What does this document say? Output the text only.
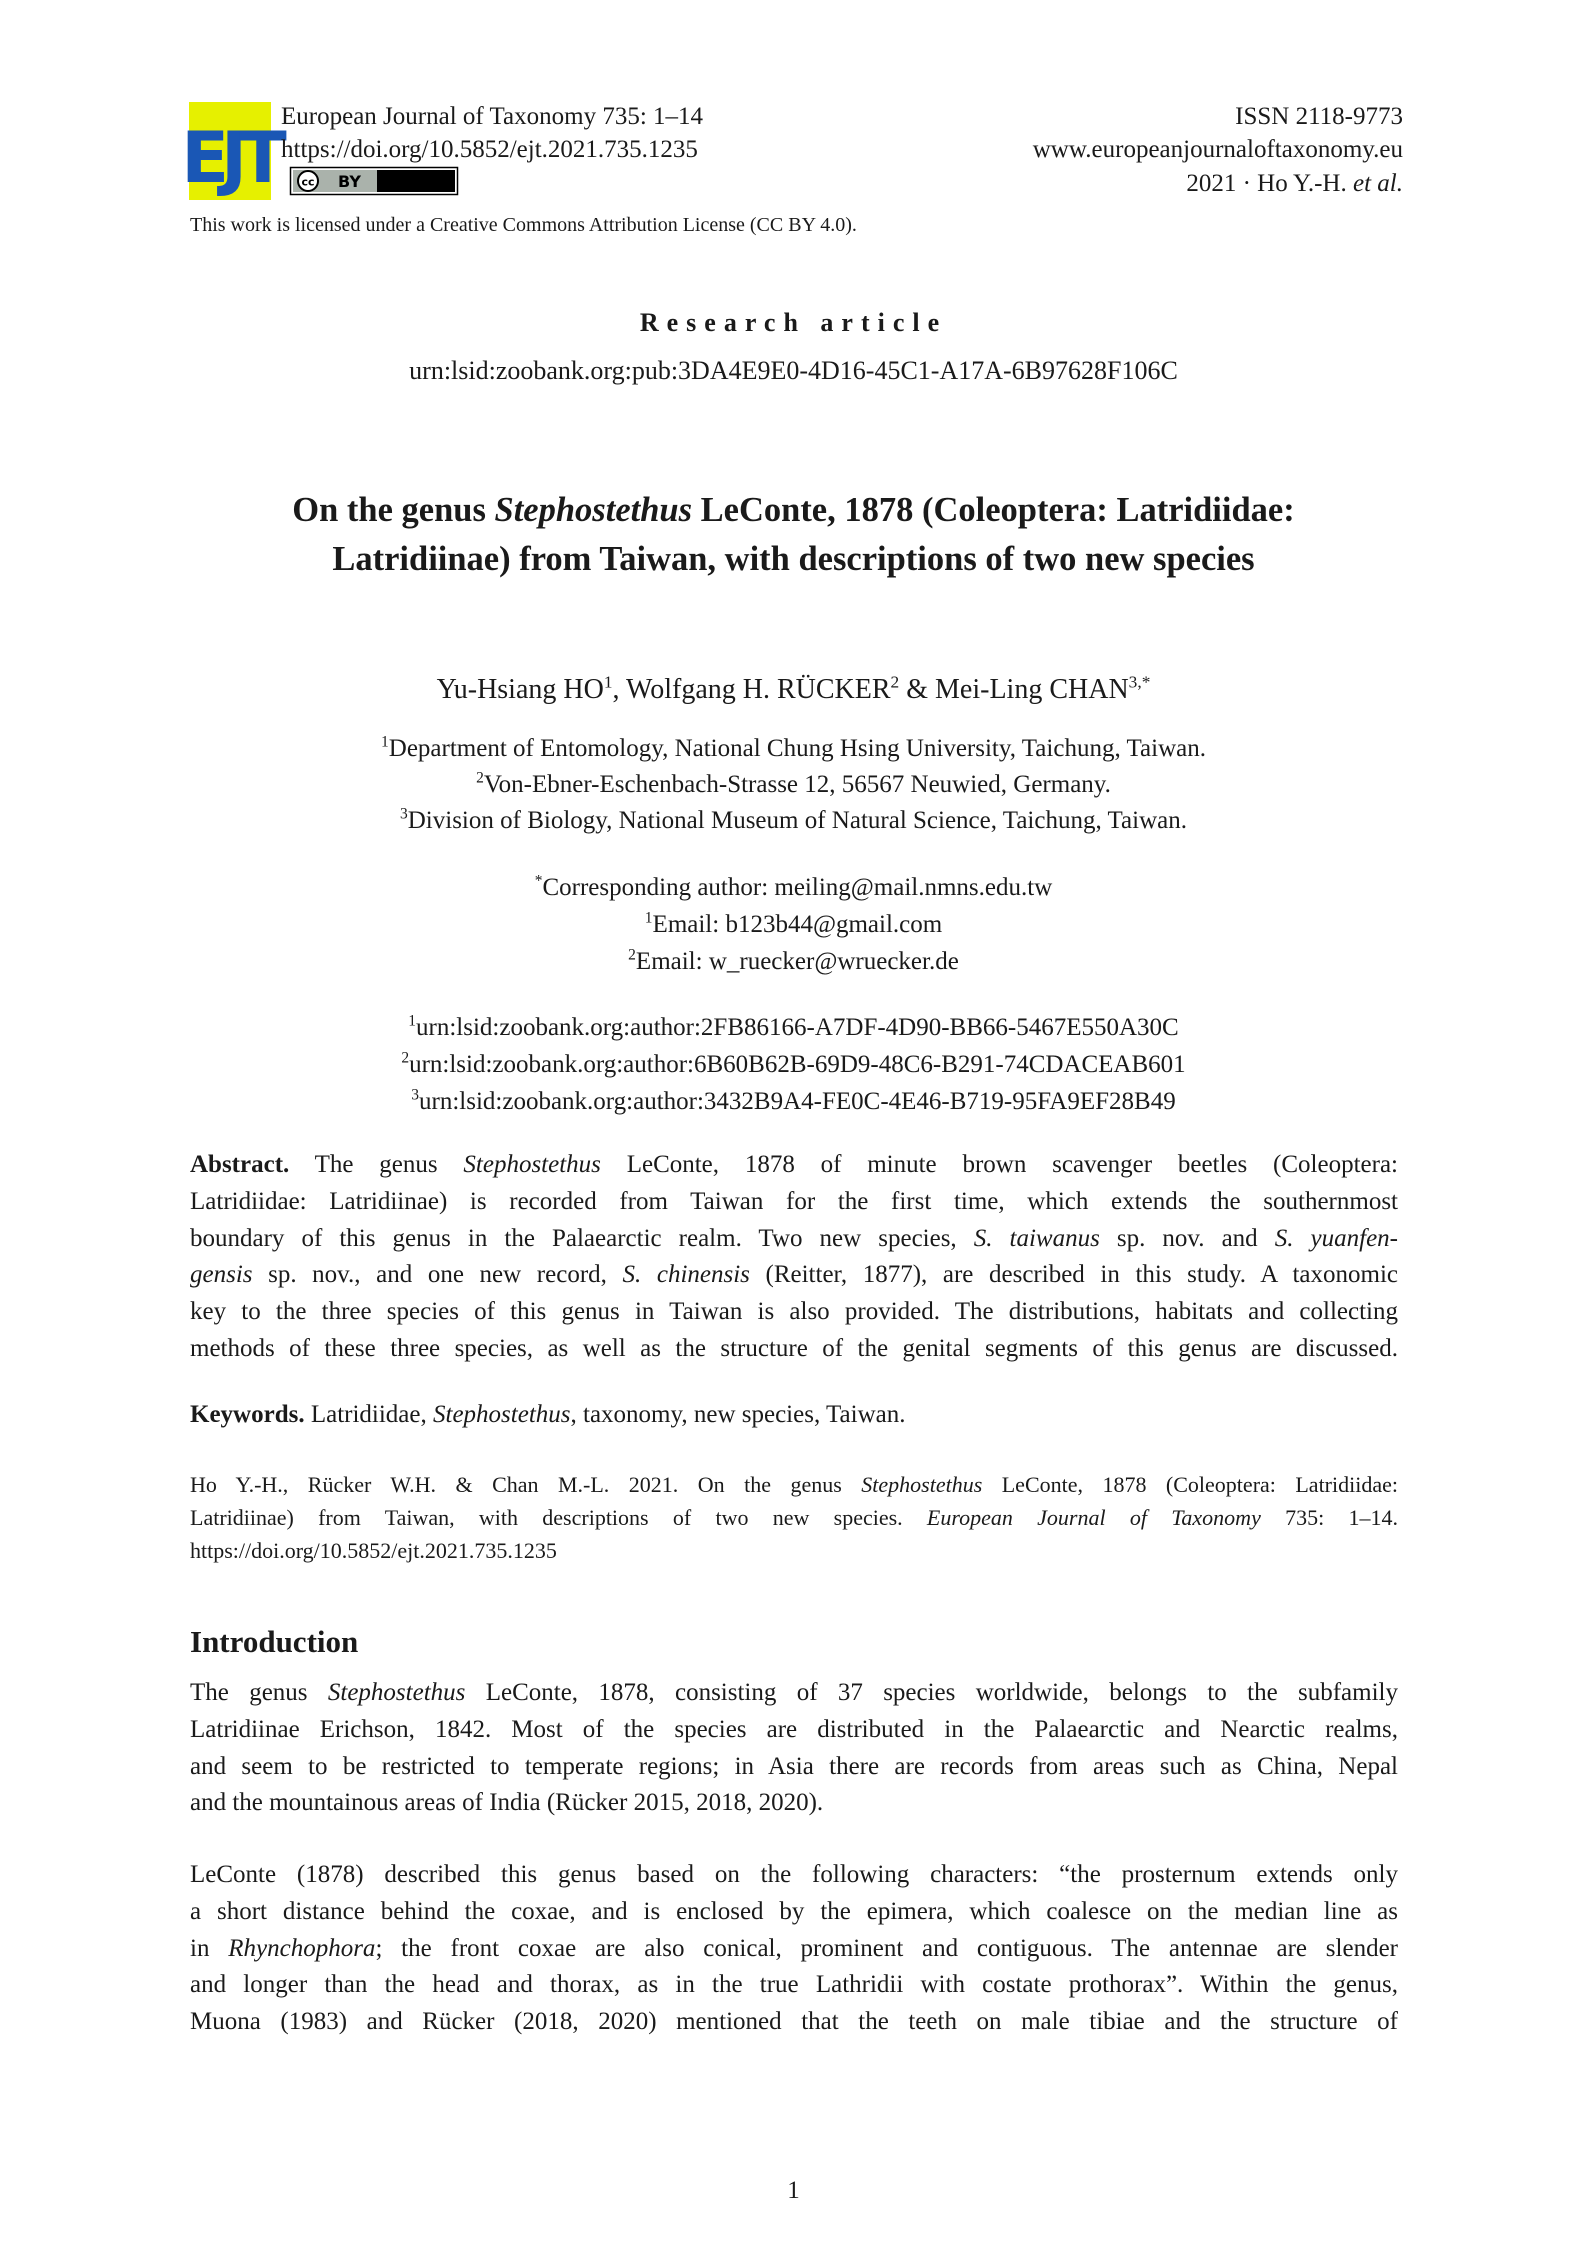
EJT
European Journal of Taxonomy 735: 1–14
https://doi.org/10.5852/ejt.2021.735.1235
cc BY
ISSN 2118-9773
www.europeanjournaloftaxonomy.eu
2021 · Ho Y.-H. et al.
This work is licensed under a Creative Commons Attribution License (CC BY 4.0).
Research article
urn:lsid:zoobank.org:pub:3DA4E9E0-4D16-45C1-A17A-6B97628F106C
On the genus Stephostethus LeConte, 1878 (Coleoptera: Latridiidae:
Latridiinae) from Taiwan, with descriptions of two new species
Yu-Hsiang $HO^1$, Wolfgang H. RÜCKER$^2$ & Mei-Ling $CHAN^{3,*}$
$^1$Department of Entomology, National Chung Hsing University, Taichung, Taiwan.
$^2$Von-Ebner-Eschenbach-Strasse 12, 56567 Neuwied, Germany.
$^3$Division of Biology, National Museum of Natural Science, Taichung, Taiwan.
*Corresponding author: meiling@mail.nmns.edu.tw
$^1$Email: b123b44@gmail.com
$^2$Email: w_ruecker@wruecker.de
$^1$urn:lsid:zoobank.org:author:2FB86166-A7DF-4D90-BB66-5467E550A30C
$^2$urn:lsid:zoobank.org:author:6B60B62B-69D9-48C6-B291-74CDACEAB601
$^3$urn:lsid:zoobank.org:author:3432B9A4-FE0C-4E46-B719-95FA9EF28B49
Abstract. The genus Stephostethus LeConte, 1878 of minute brown scavenger beetles (Coleoptera:
Latridiidae: Latridiinae) is recorded from Taiwan for the first time, which extends the southernmost
boundary of this genus in the Palaearctic realm. Two new species, S. taiwanus sp. nov. and S. yuanfen-
gensis sp. nov., and one new record, S. chinensis (Reitter, 1877), are described in this study. A taxonomic
key to the three species of this genus in Taiwan is also provided. The distributions, habitats and collecting
methods of these three species, as well as the structure of the genital segments of this genus are discussed.
Keywords. Latridiidae, Stephostethus, taxonomy, new species, Taiwan.
Ho Y.-H., Rücker W.H. & Chan M.-L. 2021. On the genus Stephostethus LeConte, 1878 (Coleoptera: Latridiidae:
Latridiinae) from Taiwan, with descriptions of two new species. European Journal of Taxonomy 735: 1–14.
https://doi.org/10.5852/ejt.2021.735.1235
Introduction
The genus Stephostethus LeConte, 1878, consisting of 37 species worldwide, belongs to the subfamily
Latridiinae Erichson, 1842. Most of the species are distributed in the Palaearctic and Nearctic realms,
and seem to be restricted to temperate regions; in Asia there are records from areas such as China, Nepal
and the mountainous areas of India (Rücker 2015, 2018, 2020).
LeConte (1878) described this genus based on the following characters: “the prosternum extends only
a short distance behind the coxae, and is enclosed by the epimera, which coalesce on the median line as
in Rhynchophora; the front coxae are also conical, prominent and contiguous. The antennae are slender
and longer than the head and thorax, as in the true Lathridii with costate prothorax”. Within the genus,
Muona (1983) and Rücker (2018, 2020) mentioned that the teeth on male tibiae and the structure of
1
